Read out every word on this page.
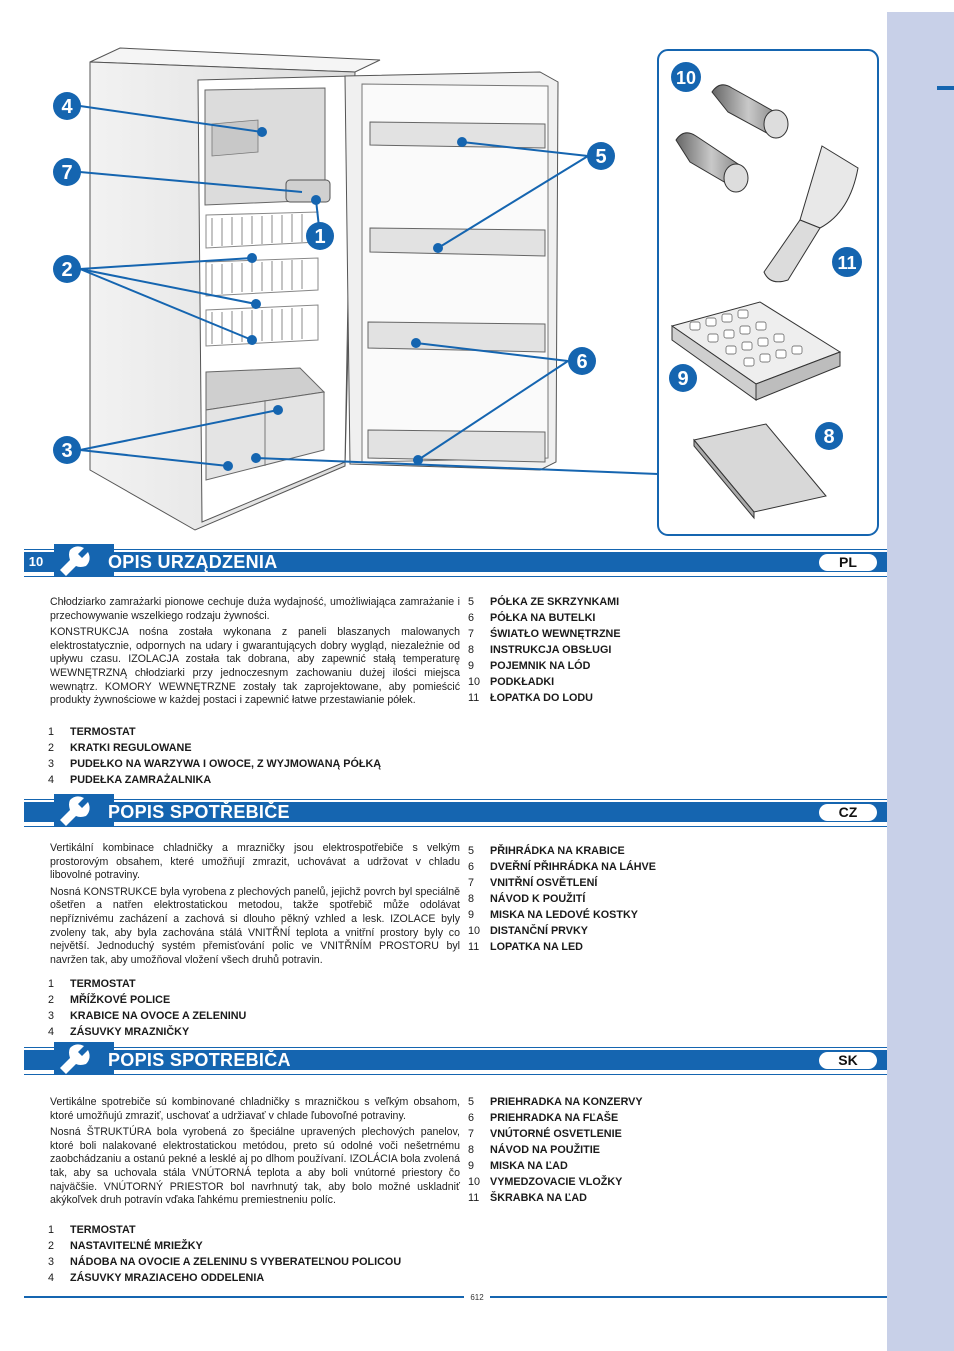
4
7
1
2
3
5
6
10
11
9
8
10	OPIS URZĄDZENIA	PL

Chłodziarko zamrażarki pionowe cechuje duża wydajność, umożliwiająca zamrażanie i przechowywanie wszelkiego rodzaju żywności.

KONSTRUKCJA nośna została wykonana z paneli blaszanych malowanych elektrostatycznie, odpornych na udary i gwarantujących dobry wygląd, niezależnie od upływu czasu. IZOLACJA została tak dobrana, aby zapewnić stałą temperaturę WEWNĘTRZNĄ chłodziarki przy jednoczesnym zachowaniu dużej ilości miejsca wewnątrz. KOMORY WEWNĘTRZNE zostały tak zaprojektowane, aby pomieścić produkty żywnościowe w każdej postaci i zapewnić łatwe przestawianie półek.

1 TERMOSTAT
2 KRATKI REGULOWANE
3 PUDEŁKO NA WARZYWA I OWOCE, Z WYJMOWANĄ PÓŁKĄ
4 PUDEŁKA ZAMRAŻALNIKA
5 PÓŁKA ZE SKRZYNKAMI
6 PÓŁKA NA BUTELKI
7 ŚWIATŁO WEWNĘTRZNE
8 INSTRUKCJA OBSŁUGI
9 POJEMNIK NA LÓD
10 PODKŁADKI
11 ŁOPATKA DO LODU
POPIS SPOTŘEBIČE	CZ

Vertikální kombinace chladničky a mrazničky jsou elektrospotřebiče s velkým prostorovým obsahem, které umožňují zmrazit, uchovávat a udržovat v chladu libovolné potraviny.

Nosná KONSTRUKCE byla vyrobena z plechových panelů, jejichž povrch byl speciálně ošetřen a natřen elektrostatickou metodou, takže spotřebič může odolávat nepříznivému zacházení a zachová si dlouho pěkný vzhled a lesk. IZOLACE byly zvoleny tak, aby byla zachována stálá VNITŘNÍ teplota a vnitřní prostory byly co největší. Jednoduchý systém přemisťování polic ve VNITŘNÍM PROSTORU byl navržen tak, aby umožňoval vložení všech druhů potravin.

1 TERMOSTAT
2 MŘÍŽKOVÉ POLICE
3 KRABICE NA OVOCE A ZELENINU
4 ZÁSUVKY MRAZNIČKY
5 PŘIHRÁDKA NA KRABICE
6 DVEŘNÍ PŘIHRÁDKA NA LÁHVE
7 VNITŘNÍ OSVĚTLENÍ
8 NÁVOD K POUŽITÍ
9 MISKA NA LEDOVÉ KOSTKY
10 DISTANČNÍ PRVKY
11 LOPATKA NA LED
POPIS SPOTREBIČA	SK

Vertikálne spotrebiče sú kombinované chladničky s mrazničkou s veľkým obsahom, ktoré umožňujú zmraziť, uschovať a udržiavať v chlade ľubovoľné potraviny.

Nosná ŠTRUKTÚRA bola vyrobená zo špeciálne upravených plechových panelov, ktoré boli nalakované elektrostatickou metódou, preto sú odolné voči nešetrnému zaobchádzaniu a ostanú pekné a lesklé aj po dlhom používaní. IZOLÁCIA bola zvolená tak, aby sa uchovala stála VNÚTORNÁ teplota a aby boli vnútorné priestory čo najväčšie. VNÚTORNÝ PRIESTOR bol navrhnutý tak, aby bolo možné uskladniť akýkoľvek druh potravín vďaka ľahkému premiestneniu políc.

1 TERMOSTAT
2 NASTAVITEĽNÉ MRIEŽKY
3 NÁDOBA NA OVOCIE A ZELENINU S VYBERATEĽNOU POLICOU
4 ZÁSUVKY MRAZIACEHO ODDELENIA
5 PRIEHRADKA NA KONZERVY
6 PRIEHRADKA NA FĽAŠE
7 VNÚTORNÉ OSVETLENIE
8 NÁVOD NA POUŽITIE
9 MISKA NA ĽAD
10 VYMEDZOVACIE VLOŽKY
11 ŠKRABKA NA ĽAD
612
